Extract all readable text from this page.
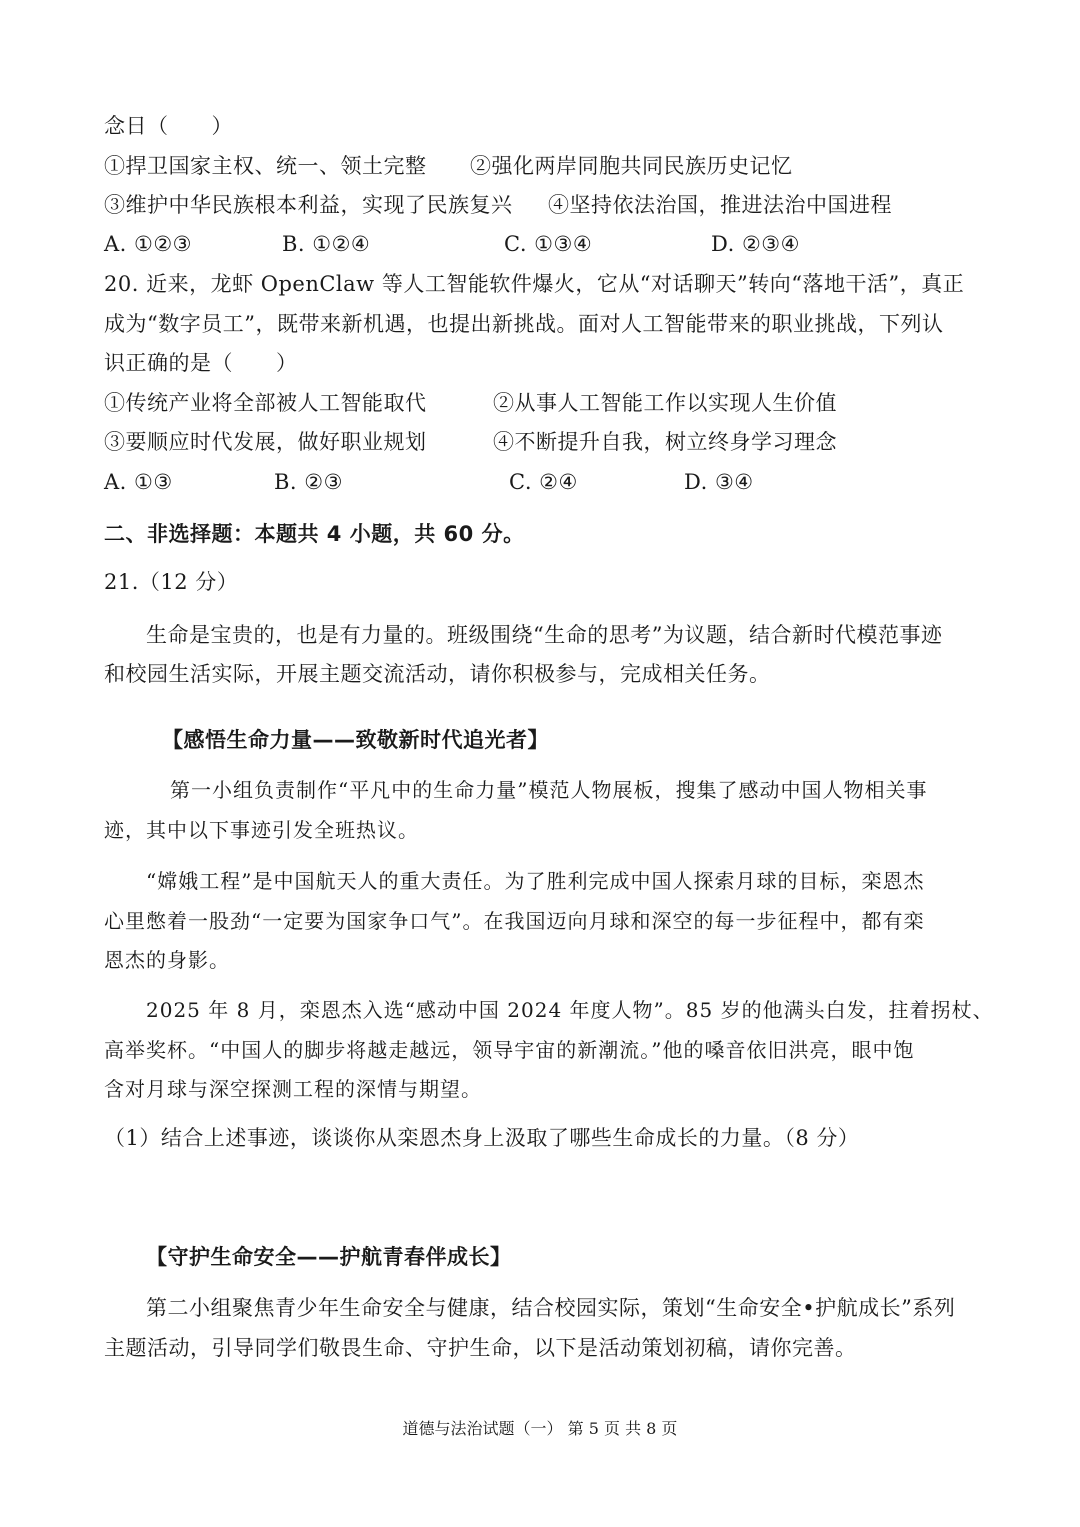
念日（　　）
①捍卫国家主权、统一、领土完整 ②强化两岸同胞共同民族历史记忆
③维护中华民族根本利益，实现了民族复兴 ④坚持依法治国，推进法治中国进程
A. ①②③	B. ①②④	C. ①③④	D. ②③④
20. 近来，龙虾 OpenClaw 等人工智能软件爆火，它从“对话聊天”转向“落地干活”，真正
成为“数字员工”，既带来新机遇，也提出新挑战。面对人工智能带来的职业挑战，下列认
识正确的是（　　）
①传统产业将全部被人工智能取代	②从事人工智能工作以实现人生价值
③要顺应时代发展，做好职业规划	④不断提升自我，树立终身学习理念
A. ①③	B. ②③	C. ②④	D. ③④
二、非选择题：本题共 4 小题，共 60 分。
21.（12 分）
生命是宝贵的，也是有力量的。班级围绕“生命的思考”为议题，结合新时代模范事迹
和校园生活实际，开展主题交流活动，请你积极参与，完成相关任务。
【感悟生命力量——致敬新时代追光者】
第一小组负责制作“平凡中的生命力量”模范人物展板，搜集了感动中国人物相关事
迹，其中以下事迹引发全班热议。
“嫦娥工程”是中国航天人的重大责任。为了胜利完成中国人探索月球的目标，栾恩杰
心里憋着一股劲“一定要为国家争口气”。在我国迈向月球和深空的每一步征程中，都有栾
恩杰的身影。
2025 年 8 月，栾恩杰入选“感动中国 2024 年度人物”。85 岁的他满头白发，拄着拐杖、
高举奖杯。“中国人的脚步将越走越远，领导宇宙的新潮流。”他的嗓音依旧洪亮，眼中饱
含对月球与深空探测工程的深情与期望。
（1）结合上述事迹，谈谈你从栾恩杰身上汲取了哪些生命成长的力量。（8 分）
【守护生命安全——护航青春伴成长】
第二小组聚焦青少年生命安全与健康，结合校园实际，策划“生命安全•护航成长”系列
主题活动，引导同学们敬畏生命、守护生命，以下是活动策划初稿，请你完善。
道德与法治试题（一） 第 5 页 共 8 页
